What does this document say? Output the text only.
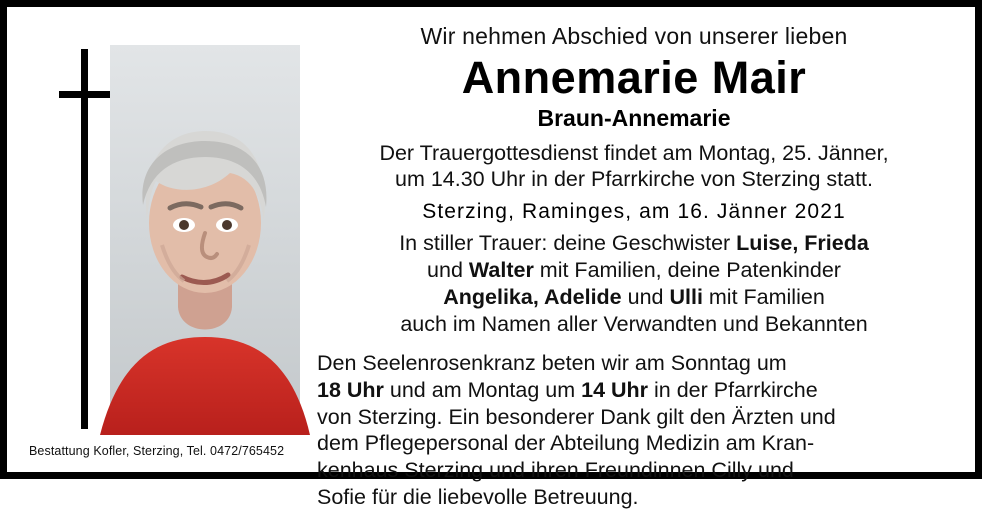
Bestattung Kofler, Sterzing, Tel. 0472/765452
Wir nehmen Abschied von unserer lieben
Annemarie Mair
Braun-Annemarie

Der Trauergottesdienst findet am Montag, 25. Jänner,

um 14.30 Uhr in der Pfarrkirche von Sterzing statt.

Sterzing, Raminges, am 16. Jänner 2021

In stiller Trauer: deine Geschwister Luise, Frieda

und Walter mit Familien, deine Patenkinder

Angelika, Adelide und Ulli mit Familien

auch im Namen aller Verwandten und Bekannten

Den Seelenrosenkranz beten wir am Sonntag um

18 Uhr und am Montag um 14 Uhr in der Pfarrkirche

von Sterzing. Ein besonderer Dank gilt den Ärzten und

dem Pflegepersonal der Abteilung Medizin am Kran-

kenhaus Sterzing und ihren Freundinnen Cilly und

Sofie für die liebevolle Betreuung.
